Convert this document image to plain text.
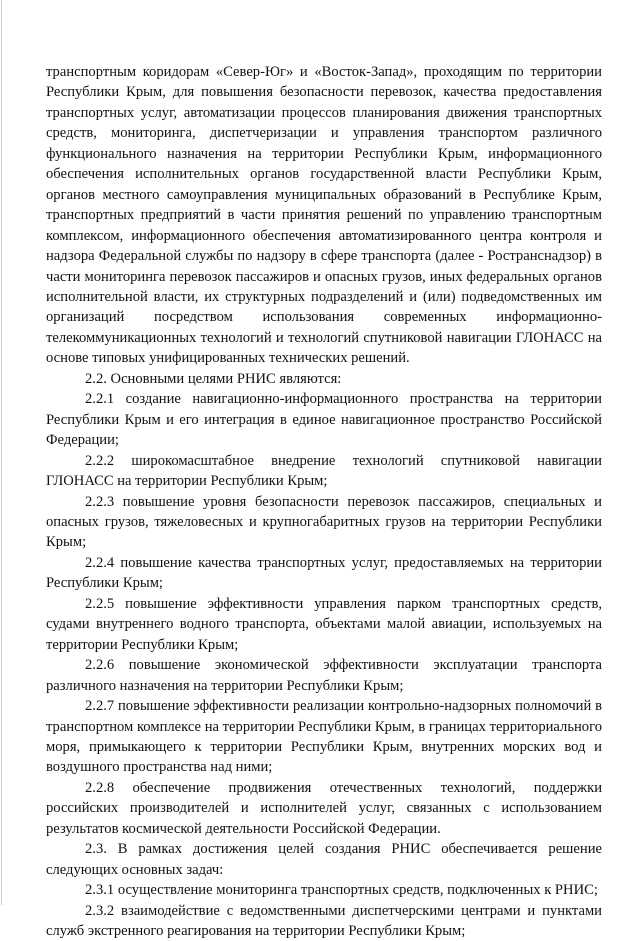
транспортным коридорам «Север-Юг» и «Восток-Запад», проходящим по территории Республики Крым, для повышения безопасности перевозок, качества предоставления транспортных услуг, автоматизации процессов планирования движения транспортных средств, мониторинга, диспетчеризации и управления транспортом различного функционального назначения на территории Республики Крым, информационного обеспечения исполнительных органов государственной власти Республики Крым, органов местного самоуправления муниципальных образований в Республике Крым, транспортных предприятий в части принятия решений по управлению транспортным комплексом, информационного обеспечения автоматизированного центра контроля и надзора Федеральной службы по надзору в сфере транспорта (далее - Ространснадзор) в части мониторинга перевозок пассажиров и опасных грузов, иных федеральных органов исполнительной власти, их структурных подразделений и (или) подведомственных им организаций посредством использования современных информационно-телекоммуникационных технологий и технологий спутниковой навигации ГЛОНАСС на основе типовых унифицированных технических решений.

2.2. Основными целями РНИС являются:

2.2.1 создание навигационно-информационного пространства на территории Республики Крым и его интеграция в единое навигационное пространство Российской Федерации;

2.2.2 широкомасштабное внедрение технологий спутниковой навигации ГЛОНАСС на территории Республики Крым;

2.2.3 повышение уровня безопасности перевозок пассажиров, специальных и опасных грузов, тяжеловесных и крупногабаритных грузов на территории Республики Крым;

2.2.4 повышение качества транспортных услуг, предоставляемых на территории Республики Крым;

2.2.5 повышение эффективности управления парком транспортных средств, судами внутреннего водного транспорта, объектами малой авиации, используемых на территории Республики Крым;

2.2.6 повышение экономической эффективности эксплуатации транспорта различного назначения на территории Республики Крым;

2.2.7 повышение эффективности реализации контрольно-надзорных полномочий в транспортном комплексе на территории Республики Крым, в границах территориального моря, примыкающего к территории Республики Крым, внутренних морских вод и воздушного пространства над ними;

2.2.8 обеспечение продвижения отечественных технологий, поддержки российских производителей и исполнителей услуг, связанных с использованием результатов космической деятельности Российской Федерации.

2.3. В рамках достижения целей создания РНИС обеспечивается решение следующих основных задач:

2.3.1 осуществление мониторинга транспортных средств, подключенных к РНИС;

2.3.2 взаимодействие с ведомственными диспетчерскими центрами и пунктами служб экстренного реагирования на территории Республики Крым;
